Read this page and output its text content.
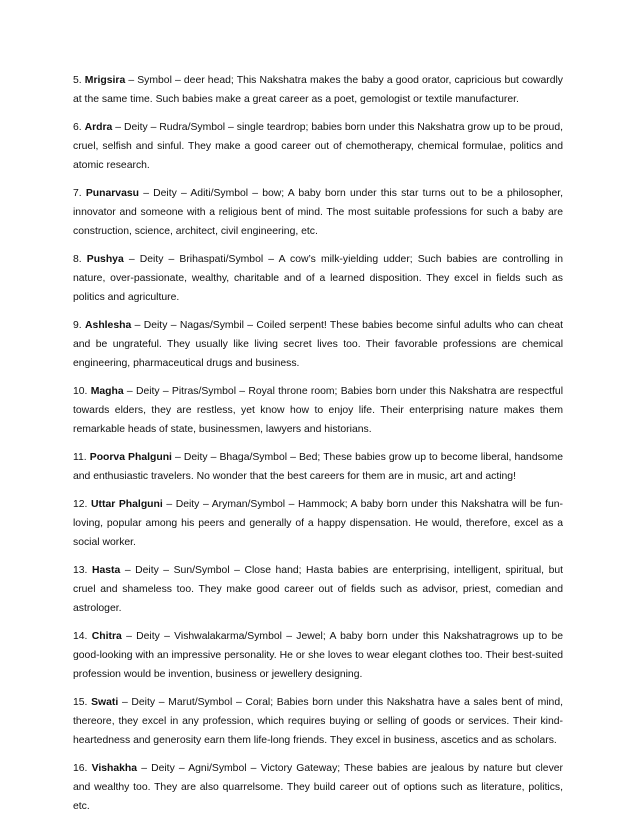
5. Mrigsira – Symbol – deer head; This Nakshatra makes the baby a good orator, capricious but cowardly at the same time. Such babies make a great career as a poet, gemologist or textile manufacturer.

6. Ardra – Deity – Rudra/Symbol – single teardrop; babies born under this Nakshatra grow up to be proud, cruel, selfish and sinful. They make a good career out of chemotherapy, chemical formulae, politics and atomic research.

7. Punarvasu – Deity – Aditi/Symbol – bow; A baby born under this star turns out to be a philosopher, innovator and someone with a religious bent of mind. The most suitable professions for such a baby are construction, science, architect, civil engineering, etc.

8. Pushya – Deity – Brihaspati/Symbol – A cow’s milk-yielding udder; Such babies are controlling in nature, over-passionate, wealthy, charitable and of a learned disposition. They excel in fields such as politics and agriculture.

9. Ashlesha – Deity – Nagas/Symbil – Coiled serpent! These babies become sinful adults who can cheat and be ungrateful. They usually like living secret lives too. Their favorable professions are chemical engineering, pharmaceutical drugs and business.

10. Magha – Deity – Pitras/Symbol – Royal throne room; Babies born under this Nakshatra are respectful towards elders, they are restless, yet know how to enjoy life. Their enterprising nature makes them remarkable heads of state, businessmen, lawyers and historians.

11. Poorva Phalguni – Deity – Bhaga/Symbol – Bed; These babies grow up to become liberal, handsome and enthusiastic travelers. No wonder that the best careers for them are in music, art and acting!

12. Uttar Phalguni – Deity – Aryman/Symbol – Hammock; A baby born under this Nakshatra will be fun-loving, popular among his peers and generally of a happy dispensation. He would, therefore, excel as a social worker.

13. Hasta – Deity – Sun/Symbol – Close hand; Hasta babies are enterprising, intelligent, spiritual, but cruel and shameless too. They make good career out of fields such as advisor, priest, comedian and astrologer.

14. Chitra – Deity – Vishwalakarma/Symbol – Jewel; A baby born under this Nakshatragrows up to be good-looking with an impressive personality. He or she loves to wear elegant clothes too. Their best-suited profession would be invention, business or jewellery designing.

15. Swati – Deity – Marut/Symbol – Coral; Babies born under this Nakshatra have a sales bent of mind, thereore, they excel in any profession, which requires buying or selling of goods or services. Their kind-heartedness and generosity earn them life-long friends. They excel in business, ascetics and as scholars.

16. Vishakha – Deity – Agni/Symbol – Victory Gateway; These babies are jealous by nature but clever and wealthy too. They are also quarrelsome. They build career out of options such as literature, politics, etc.
